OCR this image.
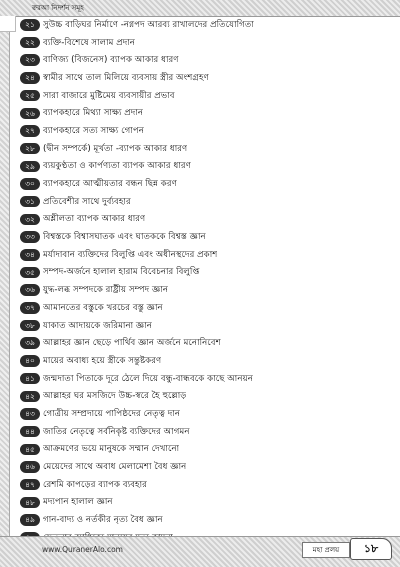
ক্বরআ নিদর্শন সমূহ
২১ সুউচ্চ বাড়িঘর নির্মাণে -নগ্নপদ আরব্য রাখালদের প্রতিযোগিতা
২২ ব্যক্তি-বিশেষে সালাম প্রদান
২৩ বাণিজ্য (বিজনেস) ব্যাপক আকার ধারণ
২৪ স্বামীর সাথে তাল মিলিয়ে ব্যবসায় স্ত্রীর অংশগ্রহণ
২৫ সারা বাজারে মুষ্টিমেয় ব্যবসায়ীর প্রভাব
২৬ ব্যাপকহারে মিথ্যা সাক্ষ্য প্রদান
২৭ ব্যাপকহারে সত্য সাক্ষ্য গোপন
২৮ (দ্বীন সম্পর্কে) মূর্খতা -ব্যাপক আকার ধারণ
২৯ ব্যয়কুণ্ঠতা ও কার্পণ্যতা ব্যাপক আকার ধারণ
৩০ ব্যাপকহারে আত্মীয়তার বন্ধন ছিন্ন করণ
৩১ প্রতিবেশীর সাথে দুর্ব্যবহার
৩২ অশ্লীলতা ব্যাপক আকার ধারণ
৩৩ বিশ্বস্তকে বিশ্বাসঘাতক এবং ঘাতককে বিশ্বস্ত জ্ঞান
৩৪ মর্যাদাবান ব্যক্তিদের বিলুপ্তি এবং অধীনস্থদের প্রকাশ
৩৫ সম্পদ-অর্জনে হালাল হারাম বিবেচনার বিলুপ্তি
৩৬ যুদ্ধ-লব্ধ সম্পদকে রাষ্ট্রীয় সম্পদ জ্ঞান
৩৭ আমানতের বস্তুকে খরচের বস্তু জ্ঞান
৩৮ যাকাত আদায়কে জরিমানা জ্ঞান
৩৯ আল্লাহর জ্ঞান ছেড়ে পার্থিব জ্ঞান অর্জনে মনোনিবেশ
৪০ মায়ের অবাধ্য হয়ে স্ত্রীকে সন্তুষ্টকরণ
৪১ জন্মদাতা পিতাকে দূরে ঠেলে দিয়ে বন্ধু-বান্ধবকে কাছে আনয়ন
৪২ আল্লাহর ঘর মসজিদে উচ্চ-স্বরে হৈ হুল্লোড়
৪৩ গোত্রীয় সম্প্রদায়ে পাপিষ্ঠদের নেতৃত্ব দান
৪৪ জাতির নেতৃত্বে সর্বনিকৃষ্ট ব্যক্তিদের আগমন
৪৫ আক্রমণের ভয়ে মানুষকে সম্মান দেখানো
৪৬ মেয়েদের সাথে অবাধ মেলামেশা বৈধ জ্ঞান
৪৭ রেশমি কাপড়ের ব্যাপক ব্যবহার
৪৮ মদ্যপান হালাল জ্ঞান
৪৯ গান-বাদ্য ও নর্তকীর নৃত্য বৈধ জ্ঞান
www.QuranerAlo.com	মহা প্রলয়	১৮
